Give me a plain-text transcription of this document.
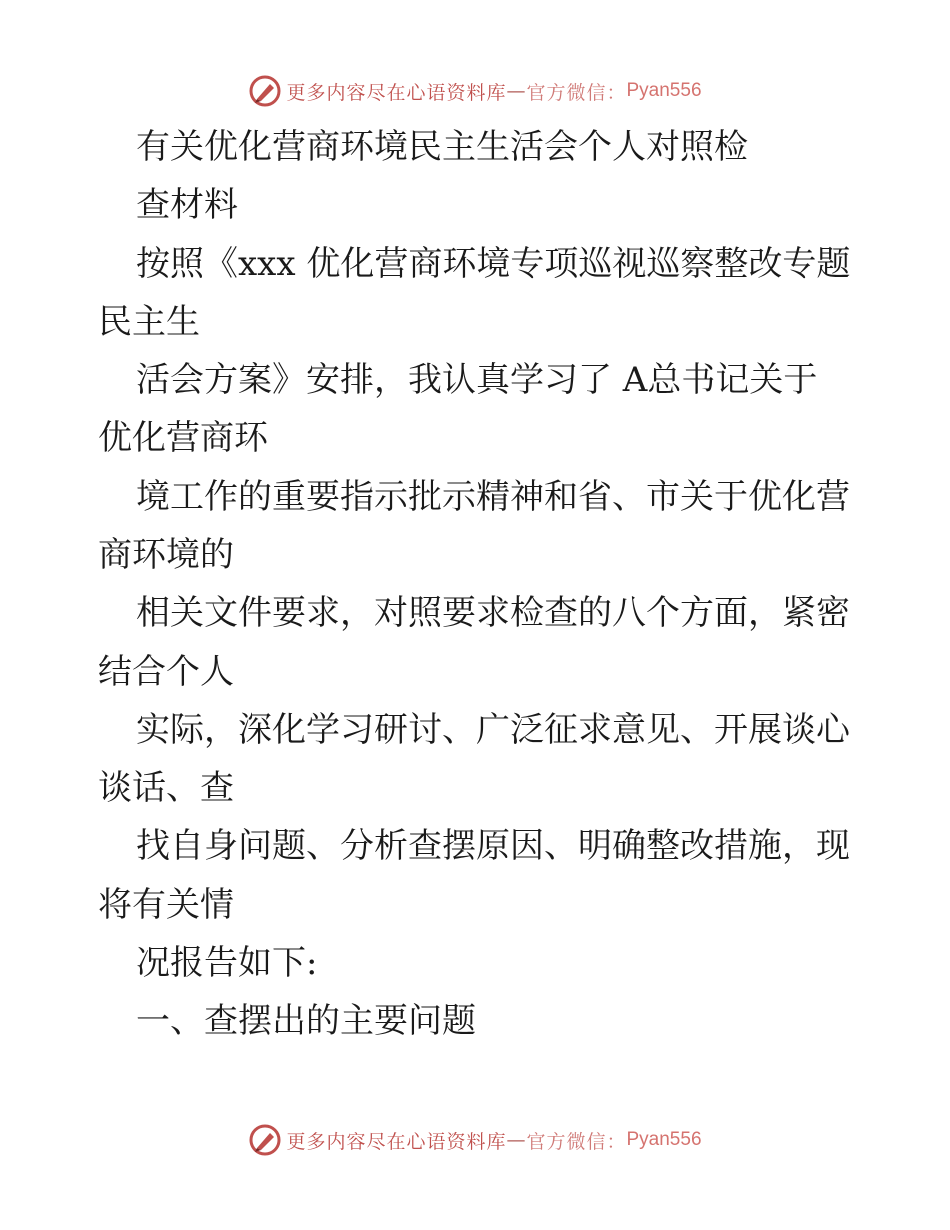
更多内容尽在心语资料库 — 官方微信： Pyan556
有关优化营商环境民主生活会个人对照检
查材料
按照《xxx 优化营商环境专项巡视巡察整改专题
民主生
活会方案》安排，我认真学习了 A总书记关于
优化营商环
境工作的重要指示批示精神和省、市关于优化营
商环境的
相关文件要求，对照要求检查的八个方面，紧密
结合个人
实际，深化学习研讨、广泛征求意见、开展谈心
谈话、查
找自身问题、分析查摆原因、明确整改措施，现
将有关情
况报告如下:
一、查摆出的主要问题
更多内容尽在心语资料库 — 官方微信： Pyan556
